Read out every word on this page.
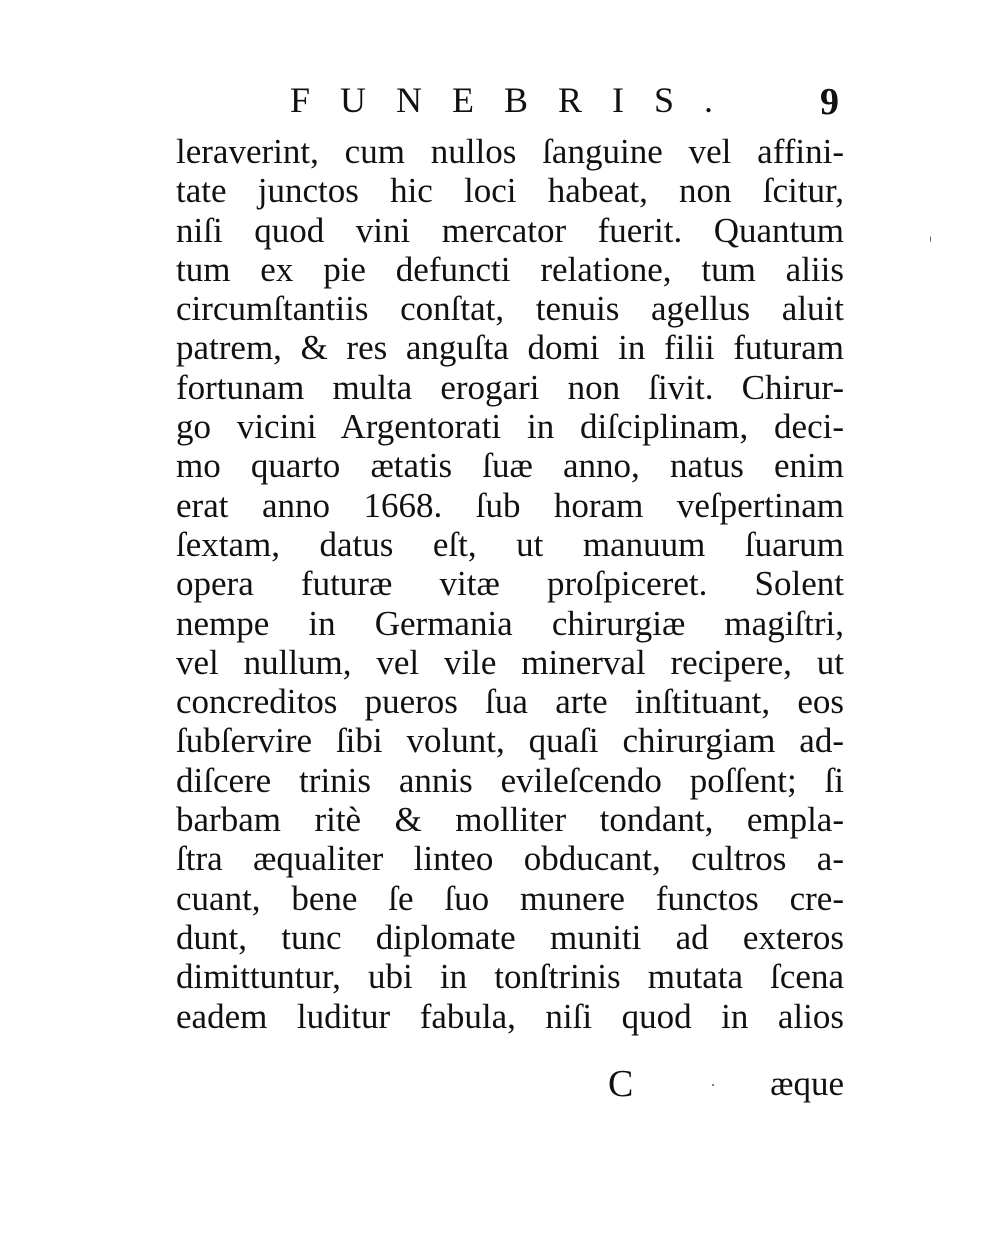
FUNEBRIS. 9
leraverint, cum nullos ſanguine vel affini-
tate junctos hic loci habeat, non ſcitur,
niſi quod vini mercator fuerit. Quantum
tum ex pie defuncti relatione, tum aliis
circumſtantiis conſtat, tenuis agellus aluit
patrem, & res anguſta domi in filii futuram
fortunam multa erogari non ſivit. Chirur-
go vicini Argentorati in diſciplinam, deci-
mo quarto ætatis ſuæ anno, natus enim
erat anno 1668. ſub horam veſpertinam
ſextam, datus eſt, ut manuum ſuarum
opera futuræ vitæ proſpiceret. Solent
nempe in Germania chirurgiæ magiſtri,
vel nullum, vel vile minerval recipere, ut
concreditos pueros ſua arte inſtituant, eos
ſubſervire ſibi volunt, quaſi chirurgiam ad-
diſcere trinis annis evileſcendo poſſent; ſi
barbam ritè & molliter tondant, empla-
ſtra æqualiter linteo obducant, cultros a-
cuant, bene ſe ſuo munere functos cre-
dunt, tunc diplomate muniti ad exteros
dimittuntur, ubi in tonſtrinis mutata ſcena
eadem luditur fabula, niſi quod in alios
C	æque
